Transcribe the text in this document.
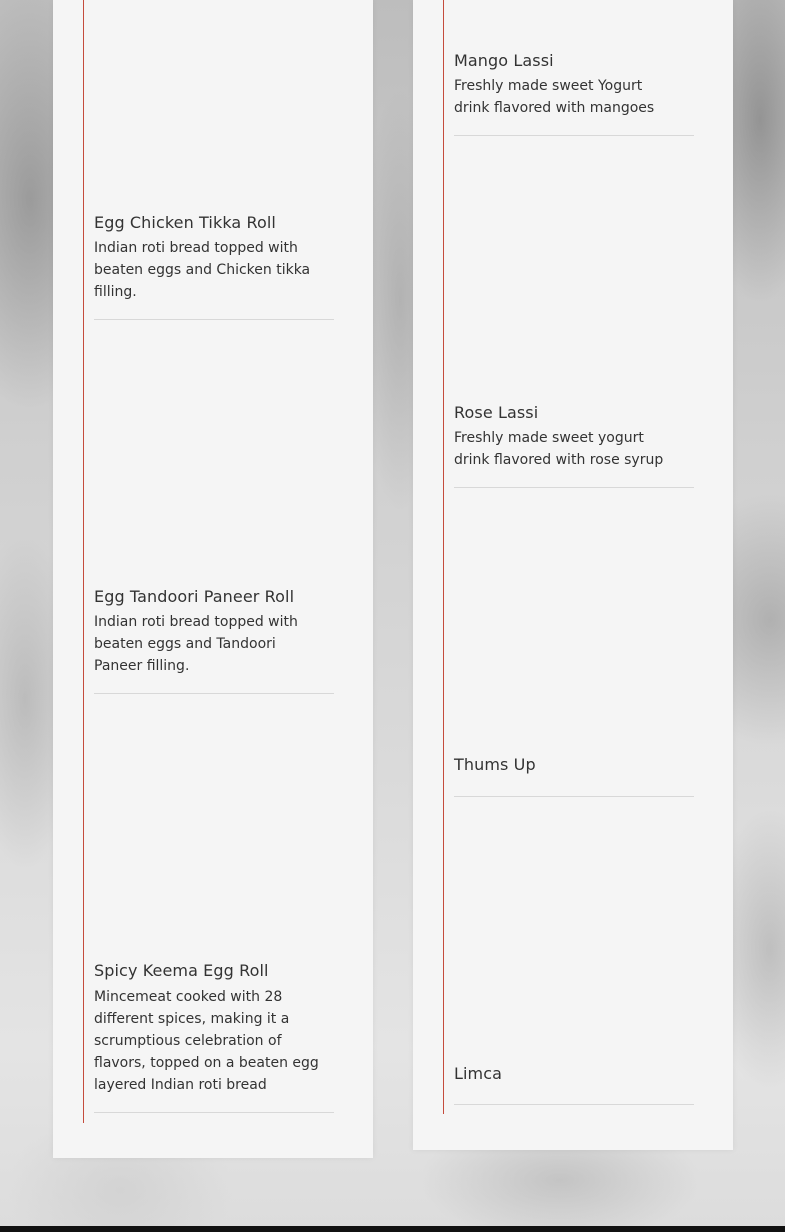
Egg Chicken Tikka Roll
Indian roti bread topped with beaten eggs and Chicken tikka filling.
Egg Tandoori Paneer Roll
Indian roti bread topped with beaten eggs and Tandoori Paneer filling.
Spicy Keema Egg Roll
Mincemeat cooked with 28 different spices, making it a scrumptious celebration of flavors, topped on a beaten egg layered Indian roti bread
Mango Lassi
Freshly made sweet Yogurt drink flavored with mangoes
Rose Lassi
Freshly made sweet yogurt drink flavored with rose syrup
Thums Up
Limca
